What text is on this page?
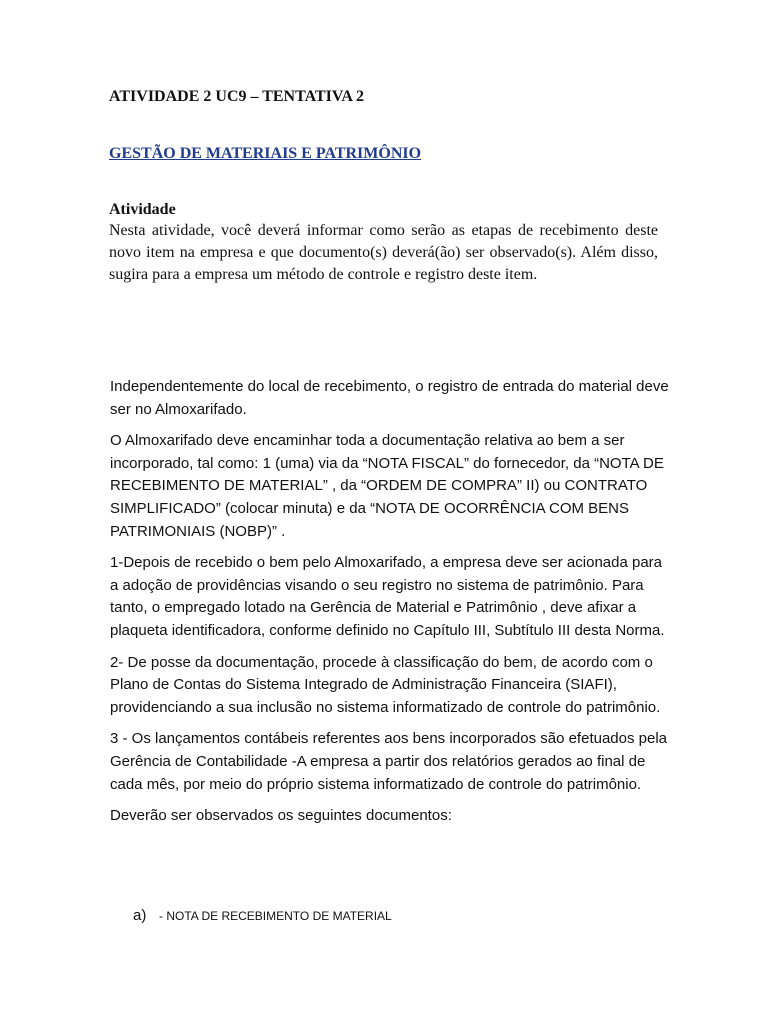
ATIVIDADE 2 UC9 – TENTATIVA 2
GESTÃO DE MATERIAIS E PATRIMÔNIO
Atividade

Nesta atividade, você deverá informar como serão as etapas de recebimento deste novo item na empresa e que documento(s) deverá(ão) ser observado(s). Além disso, sugira para a empresa um método de controle e registro deste item.

Independentemente do local de recebimento, o registro de entrada do material deve ser no Almoxarifado.

O Almoxarifado deve encaminhar toda a documentação relativa ao bem a ser incorporado, tal como: 1 (uma) via da “NOTA FISCAL” do fornecedor, da “NOTA DE RECEBIMENTO DE MATERIAL” , da “ORDEM DE COMPRA” II) ou CONTRATO SIMPLIFICADO” (colocar minuta) e da “NOTA DE OCORRÊNCIA COM BENS PATRIMONIAIS (NOBP)” .

1-Depois de recebido o bem pelo Almoxarifado, a empresa deve ser acionada para a adoção de providências visando o seu registro no sistema de patrimônio. Para tanto, o empregado lotado na Gerência de Material e Patrimônio , deve afixar a plaqueta identificadora, conforme definido no Capítulo III, Subtítulo III desta Norma.

2- De posse da documentação, procede à classificação do bem, de acordo com o Plano de Contas do Sistema Integrado de Administração Financeira (SIAFI), providenciando a sua inclusão no sistema informatizado de controle do patrimônio.

3 - Os lançamentos contábeis referentes aos bens incorporados são efetuados pela Gerência de Contabilidade -A empresa a partir dos relatórios gerados ao final de cada mês, por meio do próprio sistema informatizado de controle do patrimônio.

Deverão ser observados os seguintes documentos:

a) - NOTA DE RECEBIMENTO DE MATERIAL
